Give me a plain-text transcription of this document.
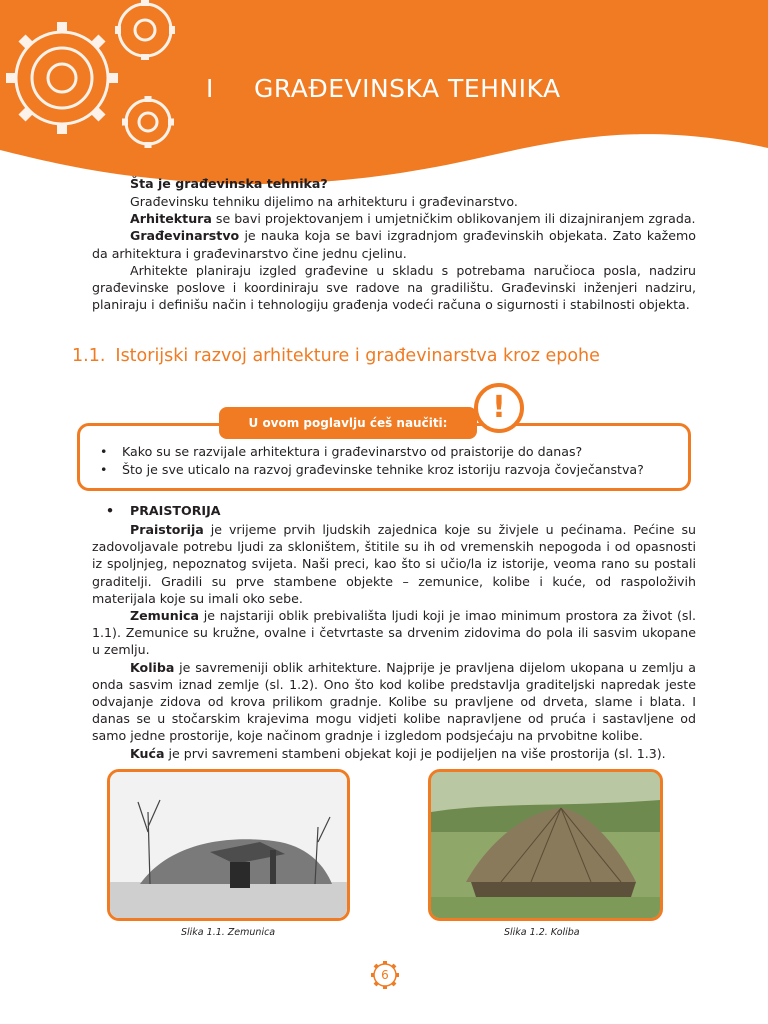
I GRAĐEVINSKA TEHNIKA
Šta je građevinska tehnika?

Građevinsku tehniku dijelimo na arhitekturu i građevinarstvo.

Arhitektura se bavi projektovanjem i umjetničkim oblikovanjem ili dizajniranjem zgrada.

Građevinarstvo je nauka koja se bavi izgradnjom građevinskih objekata. Zato kažemo da arhitektura i građevinarstvo čine jednu cjelinu.

Arhitekte planiraju izgled građevine u skladu s potrebama naručioca posla, nadziru građevinske poslove i koordiniraju sve radove na gradilištu. Građevinski inženjeri nadziru, planiraju i definišu način i tehnologiju građenja vodeći računa o sigurnosti i stabilnosti objekta.

1.1. Istorijski razvoj arhitekture i građevinarstva kroz epohe
U ovom poglavlju ćeš naučiti:	!
• Kako su se razvijale arhitektura i građevinarstvo od praistorije do danas?
• Što je sve uticalo na razvoj građevinske tehnike kroz istoriju razvoja čovječanstva?
• PRAISTORIJA

Praistorija je vrijeme prvih ljudskih zajednica koje su živjele u pećinama. Pećine su zadovoljavale potrebu ljudi za skloništem, štitile su ih od vremenskih nepogoda i od opasnosti iz spoljnjeg, nepoznatog svijeta. Naši preci, kao što si učio/la iz istorije, veoma rano su postali graditelji. Gradili su prve stambene objekte – zemunice, kolibe i kuće, od raspoloživih materijala koje su imali oko sebe.

Zemunica je najstariji oblik prebivališta ljudi koji je imao minimum prostora za život (sl. 1.1). Zemunice su kružne, ovalne i četvrtaste sa drvenim zidovima do pola ili sasvim ukopane u zemlju.

Koliba je savremeniji oblik arhitekture. Najprije je pravljena dijelom ukopana u zemlju a onda sasvim iznad zemlje (sl. 1.2). Ono što kod kolibe predstavlja graditeljski napredak jeste odvajanje zidova od krova prilikom gradnje. Kolibe su pravljene od drveta, slame i blata. I danas se u stočarskim krajevima mogu vidjeti kolibe napravljene od pruća i sastavljene od samo jedne prostorije, koje načinom gradnje i izgledom podsjećaju na prvobitne kolibe.

Kuća je prvi savremeni stambeni objekat koji je podijeljen na više prostorija (sl. 1.3).

Slika 1.1. Zemunica	Slika 1.2. Koliba
6
